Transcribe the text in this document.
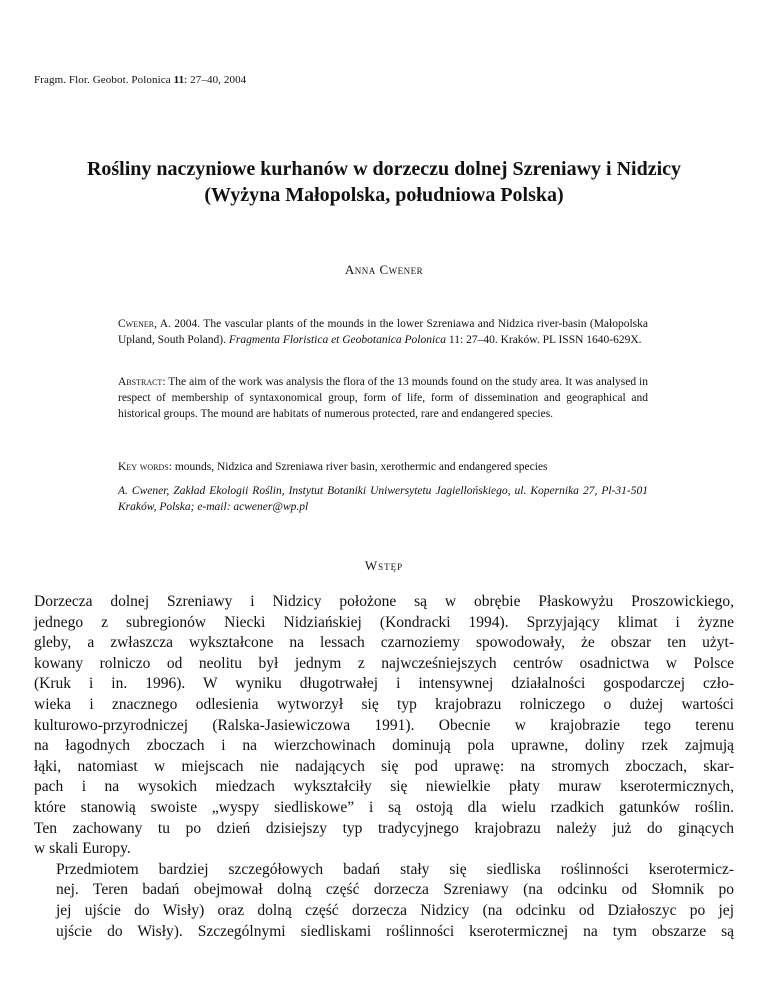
Fragm. Flor. Geobot. Polonica 11: 27–40, 2004
Rośliny naczyniowe kurhanów w dorzeczu dolnej Szreniawy i Nidzicy
(Wyżyna Małopolska, południowa Polska)
Anna Cwener
Cwener, A. 2004. The vascular plants of the mounds in the lower Szreniawa and Nidzica river-basin (Małopolska Upland, South Poland). Fragmenta Floristica et Geobotanica Polonica 11: 27–40. Kraków. PL ISSN 1640-629X.
Abstract: The aim of the work was analysis the flora of the 13 mounds found on the study area. It was analysed in respect of membership of syntaxonomical group, form of life, form of dissemination and geographical and historical groups. The mound are habitats of numerous protected, rare and endangered species.
Key words: mounds, Nidzica and Szreniawa river basin, xerothermic and endangered species
A. Cwener, Zakład Ekologii Roślin, Instytut Botaniki Uniwersytetu Jagiellońskiego, ul. Kopernika 27, Pl-31-501 Kraków, Polska; e-mail: acwener@wp.pl
Wstęp

Dorzecza dolnej Szreniawy i Nidzicy położone są w obrębie Płaskowyżu Proszowickiego,
jednego z subregionów Niecki Nidziańskiej (Kondracki 1994). Sprzyjający klimat i żyzne
gleby, a zwłaszcza wykształcone na lessach czarnoziemy spowodowały, że obszar ten użyt-
kowany rolniczo od neolitu był jednym z najwcześniejszych centrów osadnictwa w Polsce
(Kruk i in. 1996). W wyniku długotrwałej i intensywnej działalności gospodarczej czło-
wieka i znacznego odlesienia wytworzył się typ krajobrazu rolniczego o dużej wartości
kulturowo-przyrodniczej (Ralska-Jasiewiczowa 1991). Obecnie w krajobrazie tego terenu
na łagodnych zboczach i na wierzchowinach dominują pola uprawne, doliny rzek zajmują
łąki, natomiast w miejscach nie nadających się pod uprawę: na stromych zboczach, skar-
pach i na wysokich miedzach wykształciły się niewielkie płaty muraw kserotermicznych,
które stanowią swoiste „wyspy siedliskowe” i są ostoją dla wielu rzadkich gatunków roślin.
Ten zachowany tu po dzień dzisiejszy typ tradycyjnego krajobrazu należy już do ginących
w skali Europy.

Przedmiotem bardziej szczegółowych badań stały się siedliska roślinności kserotermicz-
nej. Teren badań obejmował dolną część dorzecza Szreniawy (na odcinku od Słomnik po
jej ujście do Wisły) oraz dolną część dorzecza Nidzicy (na odcinku od Działoszyc po jej
ujście do Wisły). Szczególnymi siedliskami roślinności kserotermicznej na tym obszarze są
